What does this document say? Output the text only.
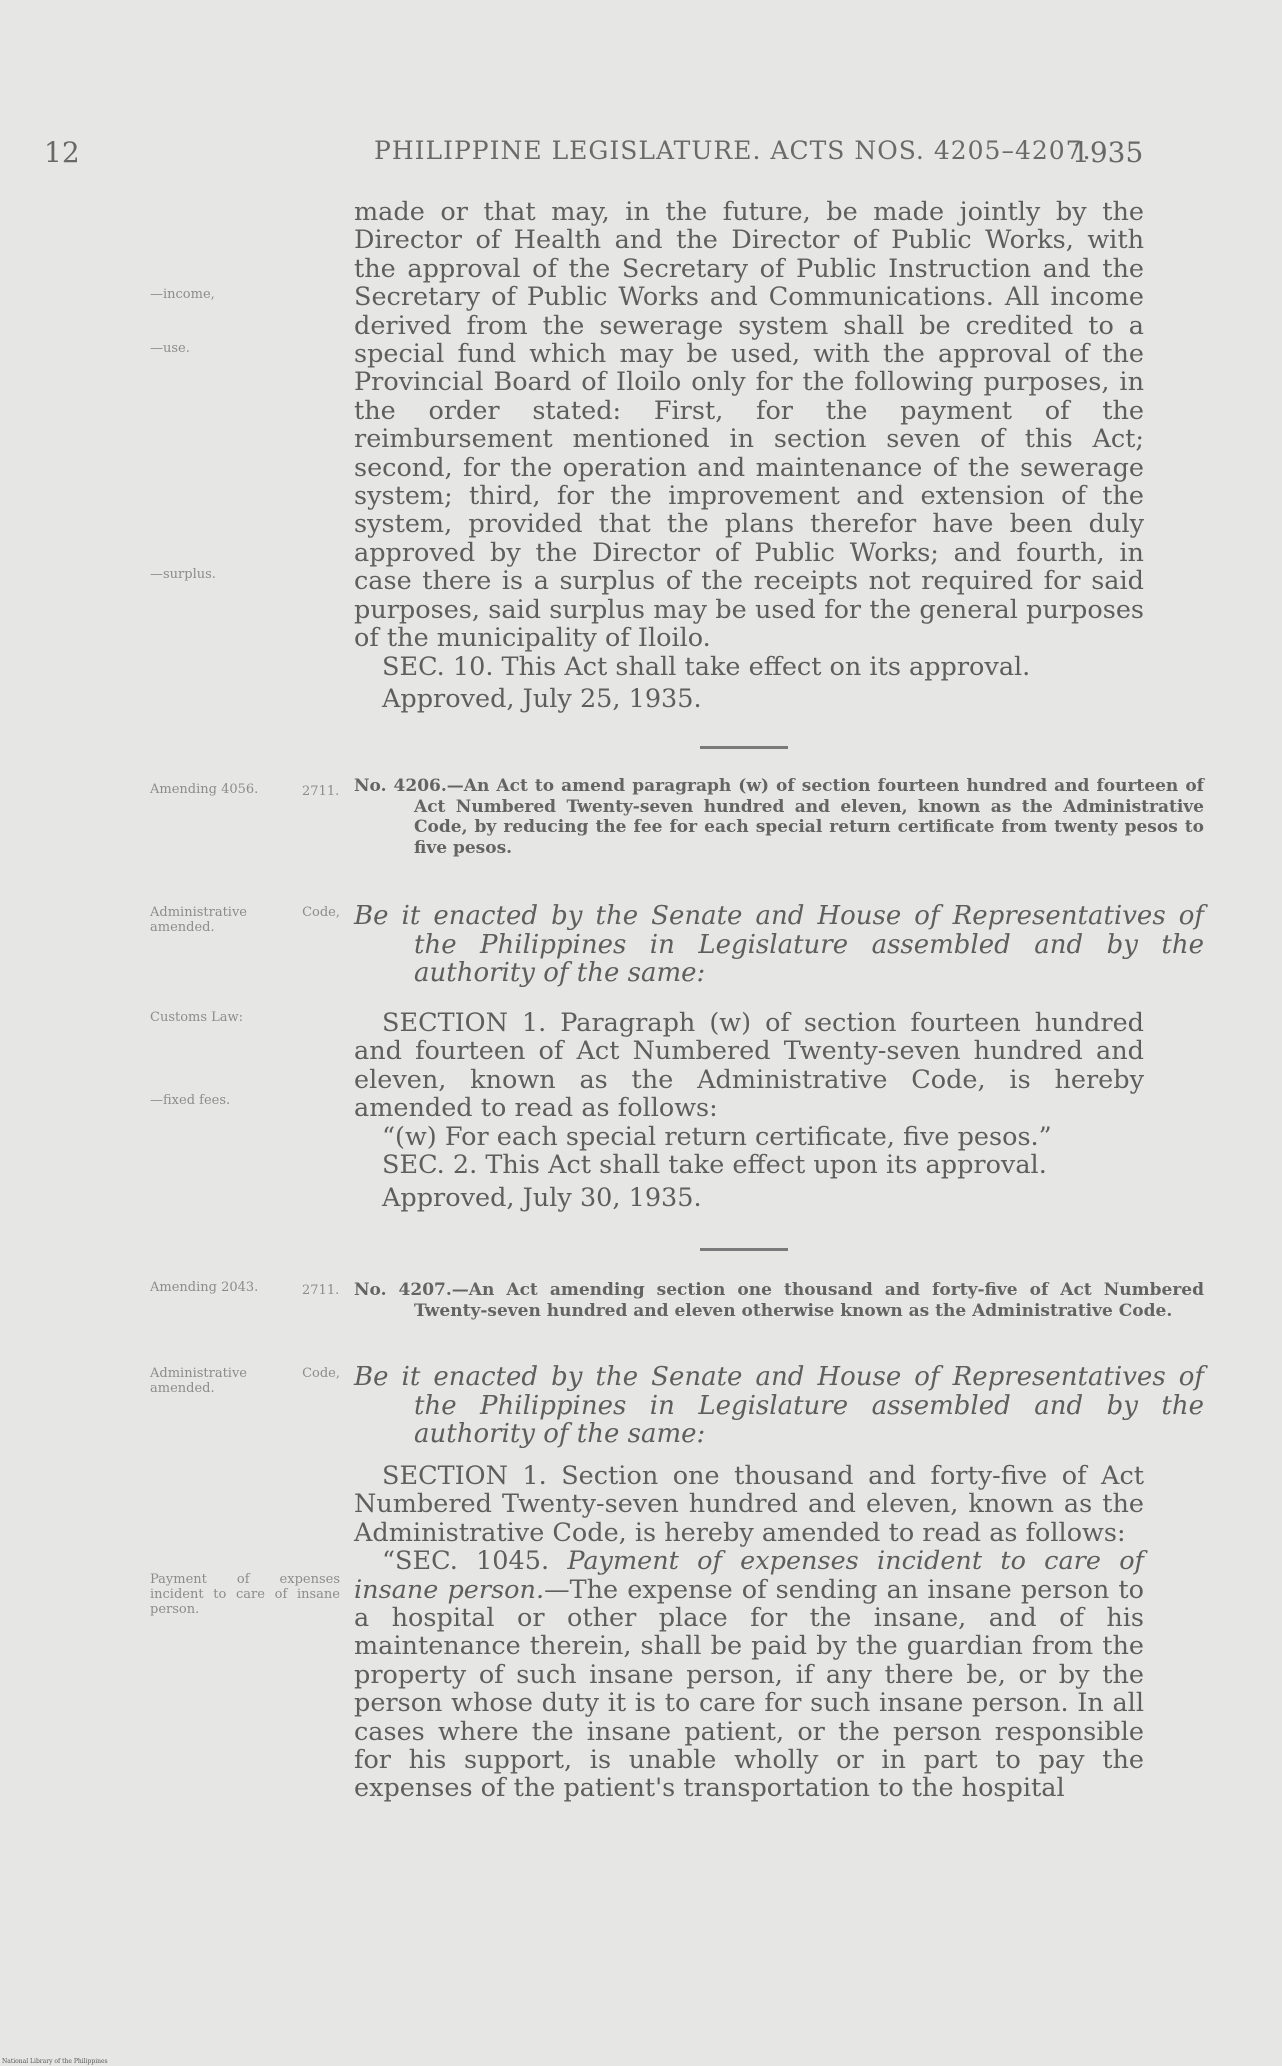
12	PHILIPPINE LEGISLATURE. ACTS NOS. 4205–4207.
1935
—income,
—use.
—surplus.

made or that may, in the future, be made jointly by the Director of Health and the Director of Public Works, with the approval of the Secretary of Public Instruction and the Secretary of Public Works and Communications. All income derived from the sewerage system shall be credited to a special fund which may be used, with the approval of the Provincial Board of Iloilo only for the following purposes, in the order stated: First, for the payment of the reimbursement mentioned in section seven of this Act; second, for the operation and maintenance of the sewerage system; third, for the improvement and extension of the system, provided that the plans therefor have been duly approved by the Director of Public Works; and fourth, in case there is a surplus of the receipts not required for said purposes, said surplus may be used for the general purposes of the municipality of Iloilo.

SEC. 10. This Act shall take effect on its approval.

Approved, July 25, 1935.

Amending 4056.	2711. No. 4206.—An Act to amend paragraph (w) of section fourteen hundred and fourteen of Act Numbered Twenty-seven hundred and eleven, known as the Administrative Code, by reducing the fee for each special return certificate from twenty pesos to five pesos.
Administrative Code, amended.	Be it enacted by the Senate and House of Representatives of the Philippines in Legislature assembled and by the authority of the same:
Customs Law:
—fixed fees.

SECTION 1. Paragraph (w) of section fourteen hundred and fourteen of Act Numbered Twenty-seven hundred and eleven, known as the Administrative Code, is hereby amended to read as follows:

“(w) For each special return certificate, five pesos.”

SEC. 2. This Act shall take effect upon its approval.

Approved, July 30, 1935.

Amending 2043.	2711. No. 4207.—An Act amending section one thousand and forty-five of Act Numbered Twenty-seven hundred and eleven otherwise known as the Administrative Code.
Administrative Code, amended.	Be it enacted by the Senate and House of Representatives of the Philippines in Legislature assembled and by the authority of the same:
Payment of expenses incident to care of insane person.

SECTION 1. Section one thousand and forty-five of Act Numbered Twenty-seven hundred and eleven, known as the Administrative Code, is hereby amended to read as follows:

“SEC. 1045. Payment of expenses incident to care of insane person.—The expense of sending an insane person to a hospital or other place for the insane, and of his maintenance therein, shall be paid by the guardian from the property of such insane person, if any there be, or by the person whose duty it is to care for such insane person. In all cases where the insane patient, or the person responsible for his support, is unable wholly or in part to pay the expenses of the patient's transportation to the hospital

National Library of the Philippines
